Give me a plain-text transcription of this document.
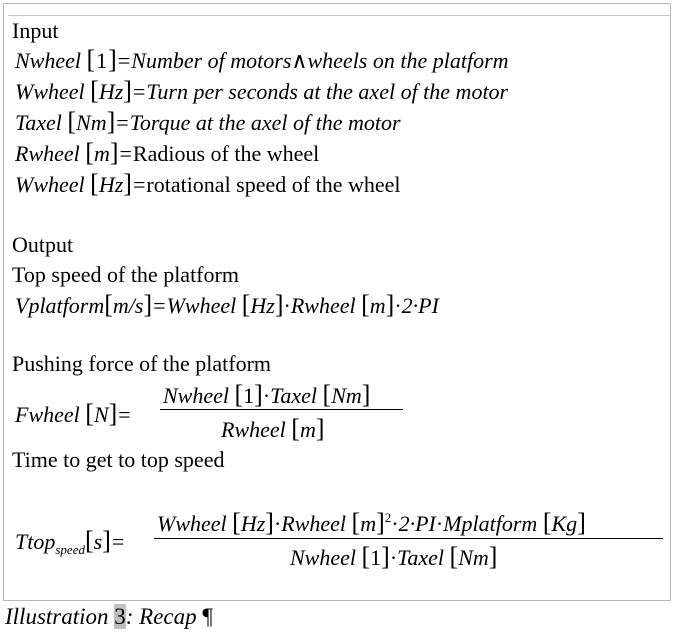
Input
Nwheel [1]=Number of motors∧wheels on the platform
Wwheel [Hz]=Turn per seconds at the axel of the motor
Taxel [Nm]=Torque at the axel of the motor
Rwheel [m]=Radious of the wheel
Wwheel [Hz]=rotational speed of the wheel
Output
Top speed of the platform
Vplatform[m/s]=Wwheel [Hz]·Rwheel [m]·2·PI
Pushing force of the platform
Fwheel [N]=
Nwheel [1]·Taxel [Nm]
Rwheel [m]
Time to get to top speed
Ttop$_{speed}$[s]=
Wwheel [Hz]·Rwheel $[m]^2\cdot 2\cdot PI\cdot Mplatform$ [Kg]
Nwheel [1]·Taxel [Nm]
Illustration 3: Recap ¶
